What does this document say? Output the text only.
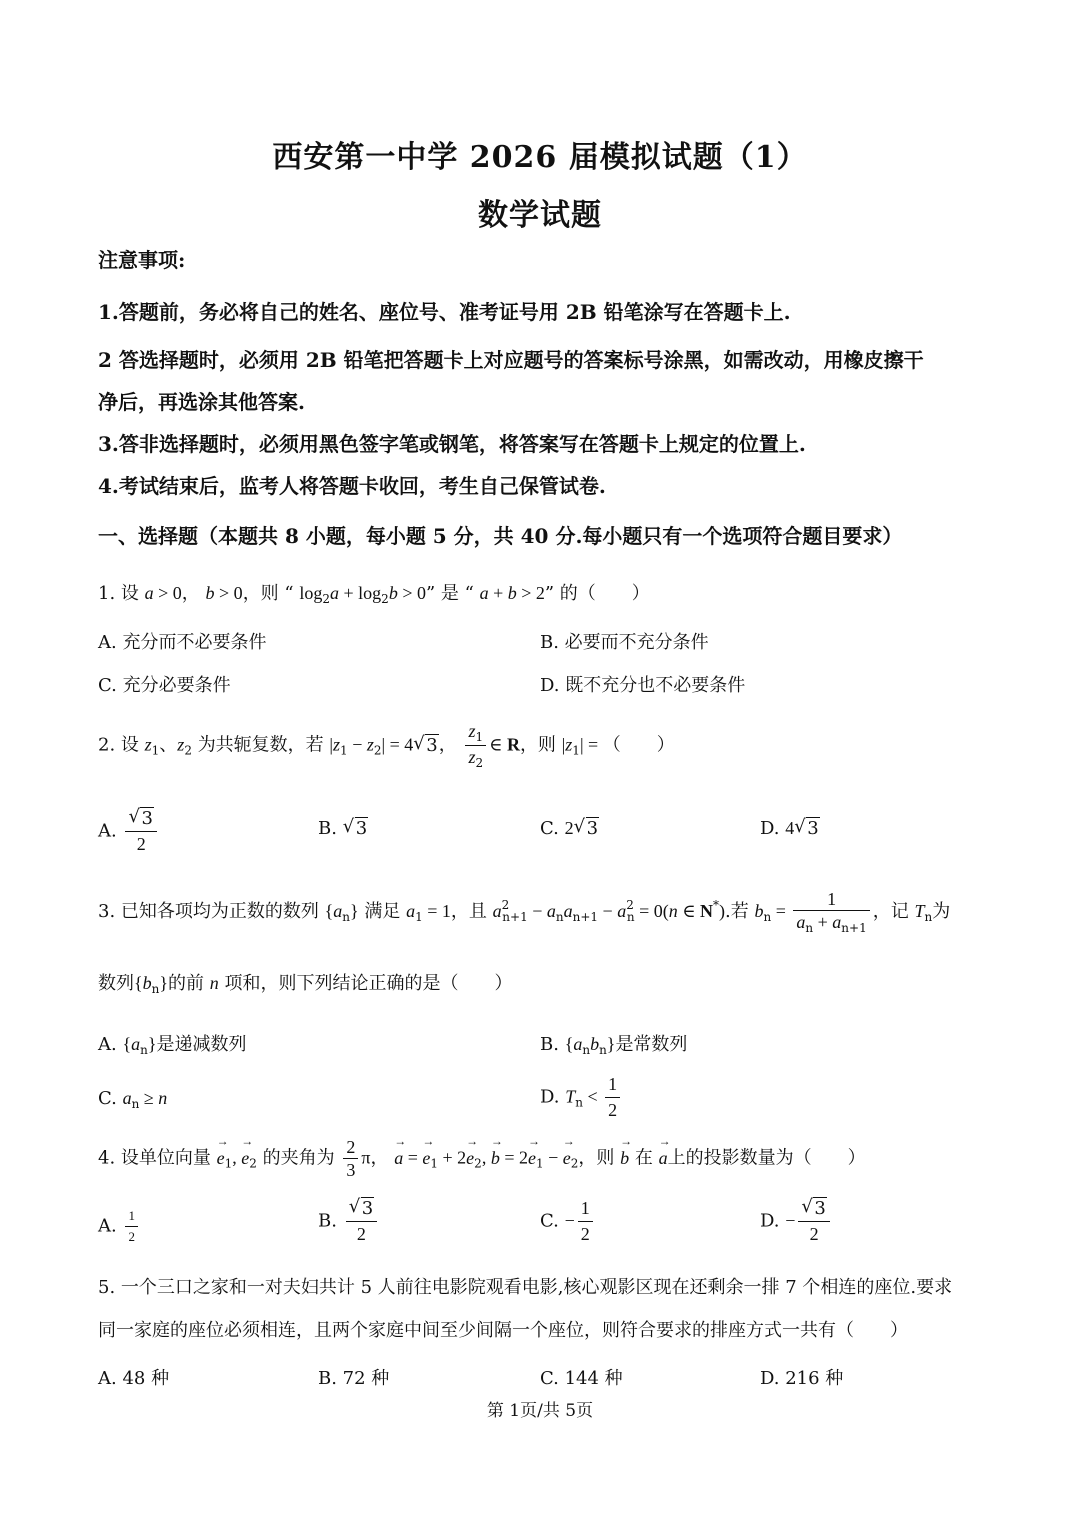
西安第一中学 2026 届模拟试题（1）
数学试题
注意事项:
1.答题前，务必将自己的姓名、座位号、准考证号用 2B 铅笔涂写在答题卡上.
2 答选择题时，必须用 2B 铅笔把答题卡上对应题号的答案标号涂黑，如需改动，用橡皮擦干
净后，再选涂其他答案.
3.答非选择题时，必须用黑色签字笔或钢笔，将答案写在答题卡上规定的位置上.
4.考试结束后，监考人将答题卡收回，考生自己保管试卷.
一、选择题（本题共 8 小题，每小题 5 分，共 40 分.每小题只有一个选项符合题目要求）
1. 设 a > 0， b > 0，则 “ $\log_2a + \log_2b > 0$” 是 “ a + b > 2” 的（　　）
A. 充分而不必要条件	B. 必要而不充分条件
C. 充分必要条件	D. 既不充分也不必要条件
2. 设 $z_1$、$z_2$ 为共轭复数，若 $|z_1 - z_2| = 4√$ 3， $\frac{z_1}{z_2}$ ∈ R，则 $|z_1|$ = （　　）
A.
√ $\frac{3}{2}$	B. √ 3	C. 2√ 3	D. 4√ 3
3. 已知各项均为正数的数列 $\{a_n\}$ 满足 $a_1 = 1$，且 $a^2_{n+1} - a_na_{n+1} - a^2_n = 0(n$ ∈ N*).若 $b_n = \frac{1}{a_n + a_{n+1}}$ ，记 $T_n$为
数列$\{b_n\}$的前 n 项和，则下列结论正确的是（　　）
A. $\{a_n\}$是递减数列	B. $\{a_nb_n\}$是常数列
C. $a_n \ge n$	D. $T_n < \frac{1}{2}$
4. 设单位向量 → $e_1$, → $e_2$ 的夹角为 $\frac{2}{3}$ π， → a = → $e_1 + 2\to e_2$, → $b = 2\to e_1$ − → $e_2$，则 → b 在 → a上的投影数量为（　　）
A. $\frac{1}{2}$	B.
√ $\frac{3}{2}$	C. − $\frac{1}{2}$	D. −
√ $\frac{3}{2}$
5. 一个三口之家和一对夫妇共计 5 人前往电影院观看电影,核心观影区现在还剩余一排 7 个相连的座位.要求
同一家庭的座位必须相连，且两个家庭中间至少间隔一个座位，则符合要求的排座方式一共有（　　）
A. 48 种	B. 72 种	C. 144 种	D. 216 种
第 1页/共 5页
